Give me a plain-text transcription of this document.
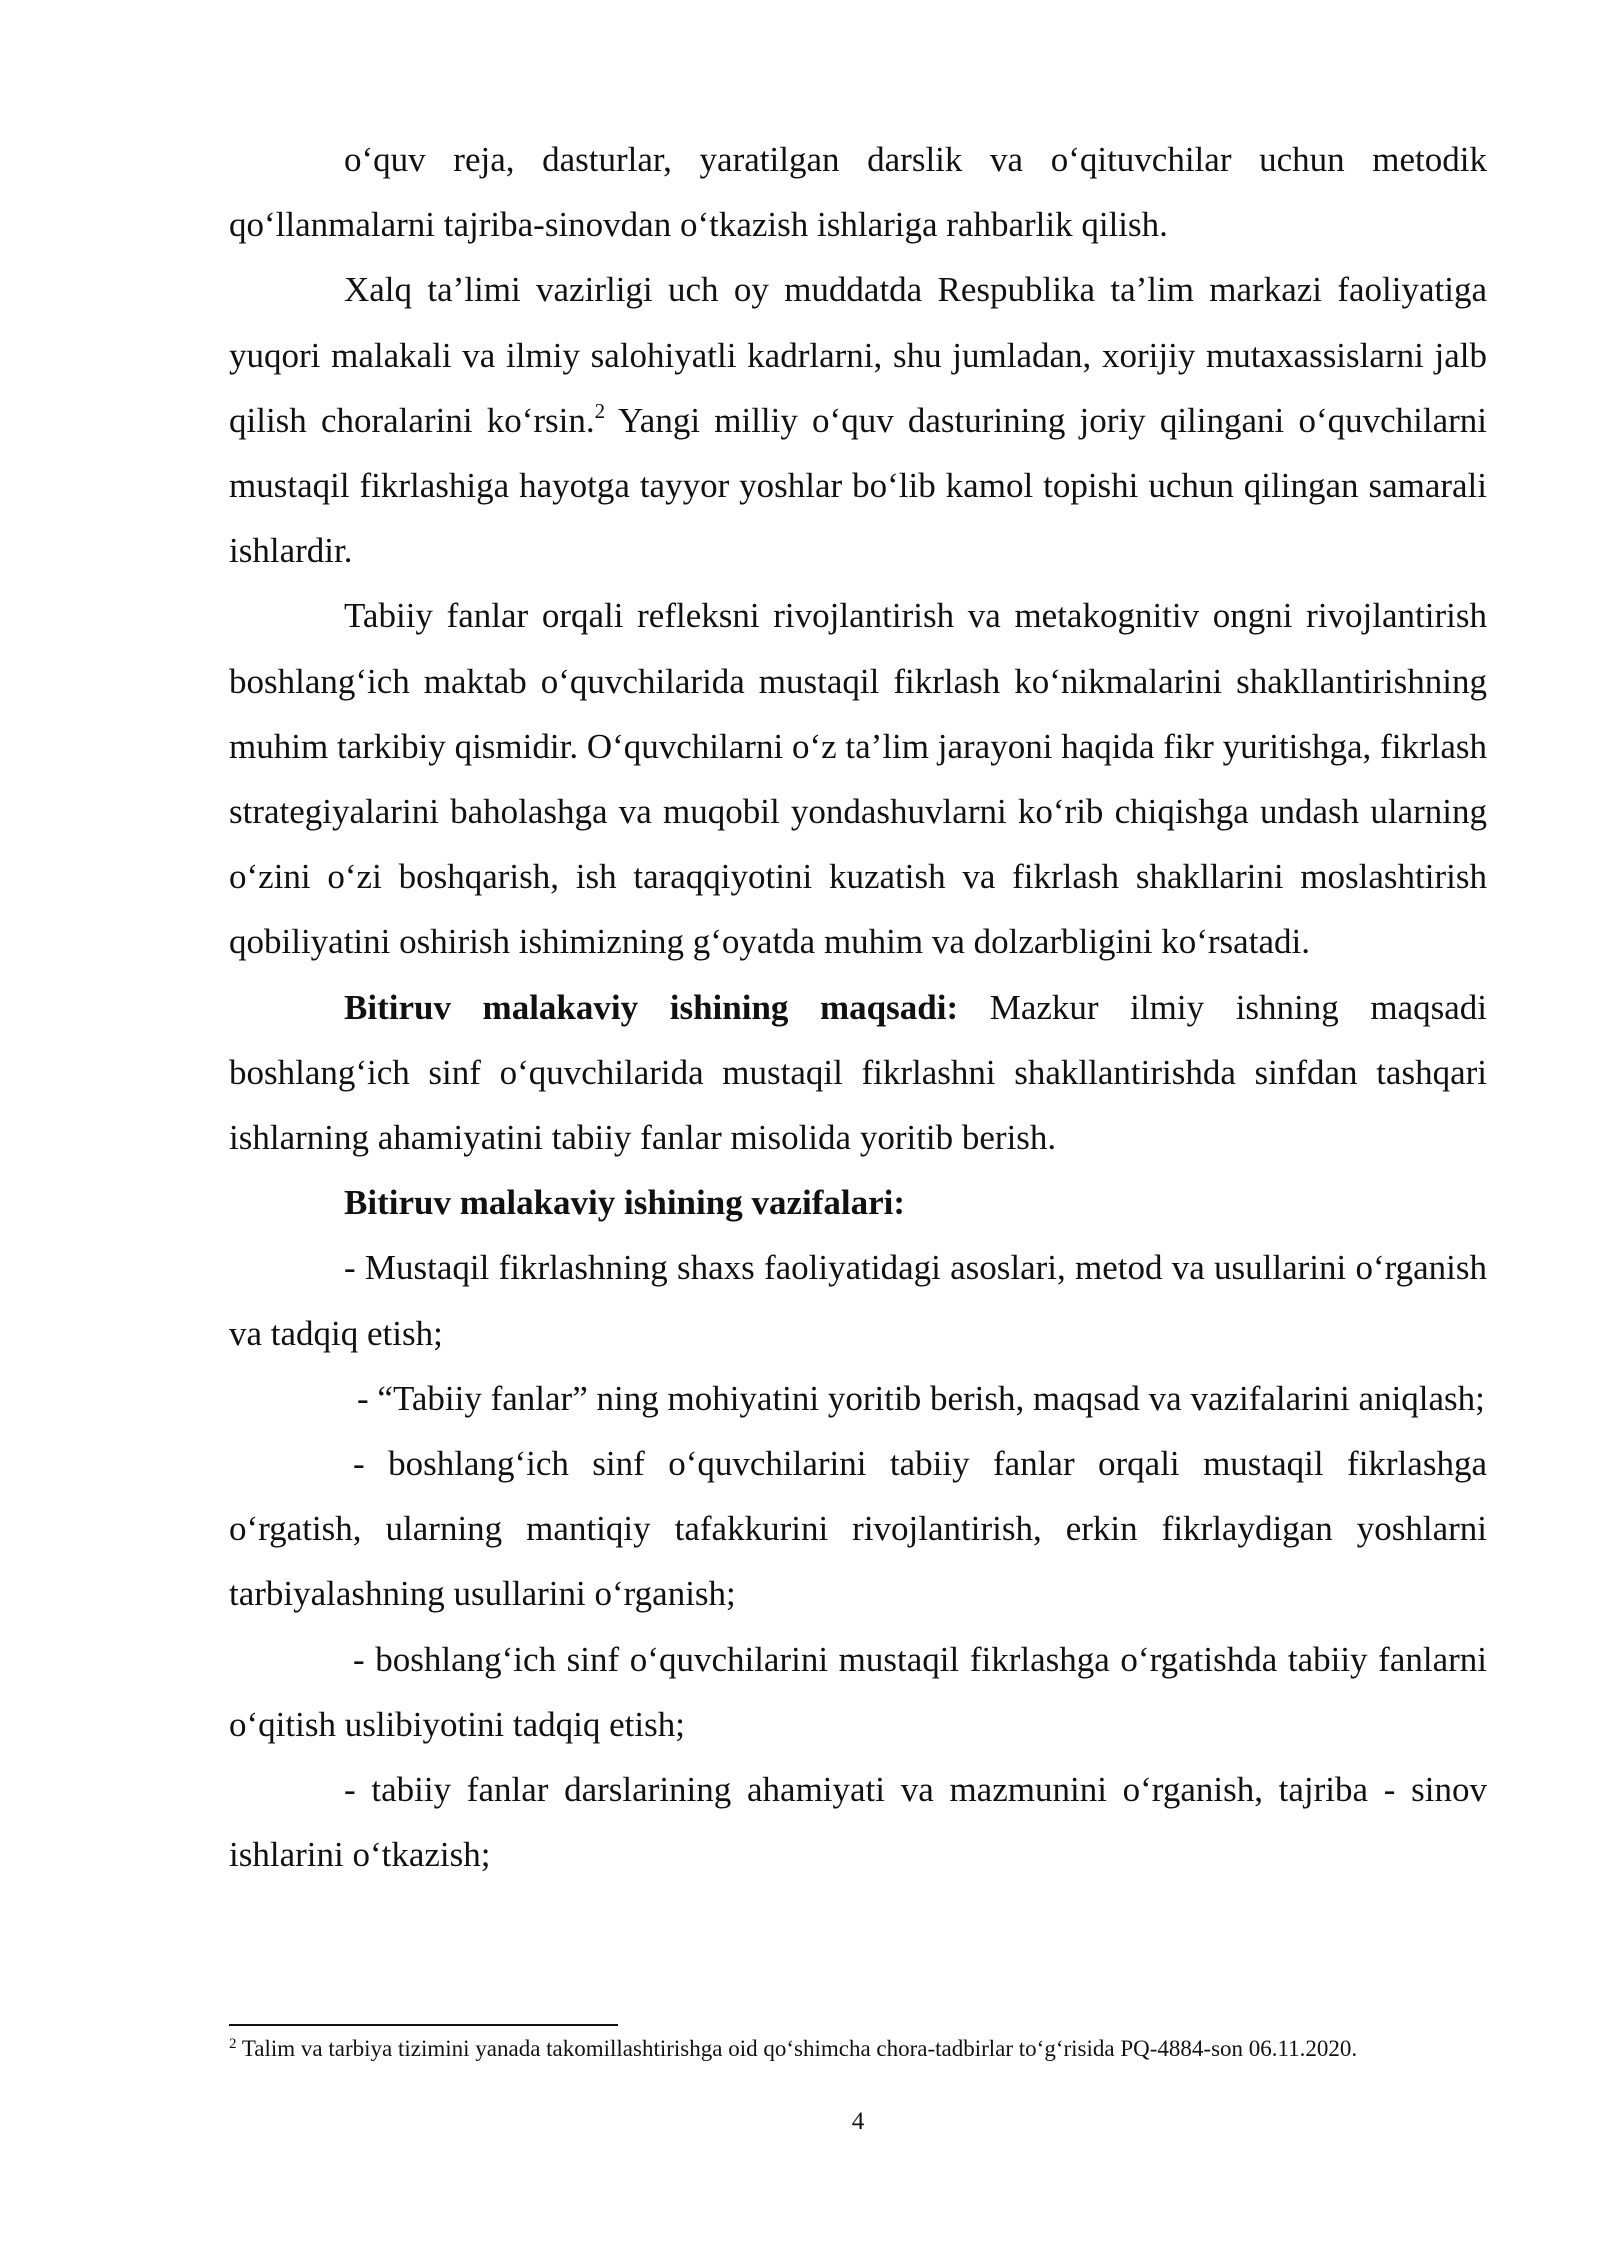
o‘quv reja, dasturlar, yaratilgan darslik va o‘qituvchilar uchun metodik qo‘llanmalarni tajriba-sinovdan o‘tkazish ishlariga rahbarlik qilish.

Xalq ta’limi vazirligi uch oy muddatda Respublika ta’lim markazi faoliyatiga yuqori malakali va ilmiy salohiyatli kadrlarni, shu jumladan, xorijiy mutaxassislarni jalb qilish choralarini ko‘rsin.$^2$ Yangi milliy o‘quv dasturining joriy qilingani o‘quvchilarni mustaqil fikrlashiga hayotga tayyor yoshlar bo‘lib kamol topishi uchun qilingan samarali ishlardir.

Tabiiy fanlar orqali refleksni rivojlantirish va metakognitiv ongni rivojlantirish boshlang‘ich maktab o‘quvchilarida mustaqil fikrlash ko‘nikmalarini shakllantirishning muhim tarkibiy qismidir. O‘quvchilarni o‘z ta’lim jarayoni haqida fikr yuritishga, fikrlash strategiyalarini baholashga va muqobil yondashuvlarni ko‘rib chiqishga undash ularning o‘zini o‘zi boshqarish, ish taraqqiyotini kuzatish va fikrlash shakllarini moslashtirish qobiliyatini oshirish ishimizning g‘oyatda muhim va dolzarbligini ko‘rsatadi.

Bitiruv malakaviy ishining maqsadi: Mazkur ilmiy ishning maqsadi boshlang‘ich sinf o‘quvchilarida mustaqil fikrlashni shakllantirishda sinfdan tashqari ishlarning ahamiyatini tabiiy fanlar misolida yoritib berish.

Bitiruv malakaviy ishining vazifalari:

- Mustaqil fikrlashning shaxs faoliyatidagi asoslari, metod va usullarini o‘rganish va tadqiq etish;

- “Tabiiy fanlar” ning mohiyatini yoritib berish, maqsad va vazifalarini aniqlash;

- boshlang‘ich sinf o‘quvchilarini tabiiy fanlar orqali mustaqil fikrlashga o‘rgatish, ularning mantiqiy tafakkurini rivojlantirish, erkin fikrlaydigan yoshlarni tarbiyalashning usullarini o‘rganish;

- boshlang‘ich sinf o‘quvchilarini mustaqil fikrlashga o‘rgatishda tabiiy fanlarni o‘qitish uslibiyotini tadqiq etish;

- tabiiy fanlar darslarining ahamiyati va mazmunini o‘rganish, tajriba - sinov ishlarini o‘tkazish;

$^2$ Talim va tarbiya tizimini yanada takomillashtirishga oid qo‘shimcha chora-tadbirlar to‘g‘risida PQ-4884-son 06.11.2020.
4
